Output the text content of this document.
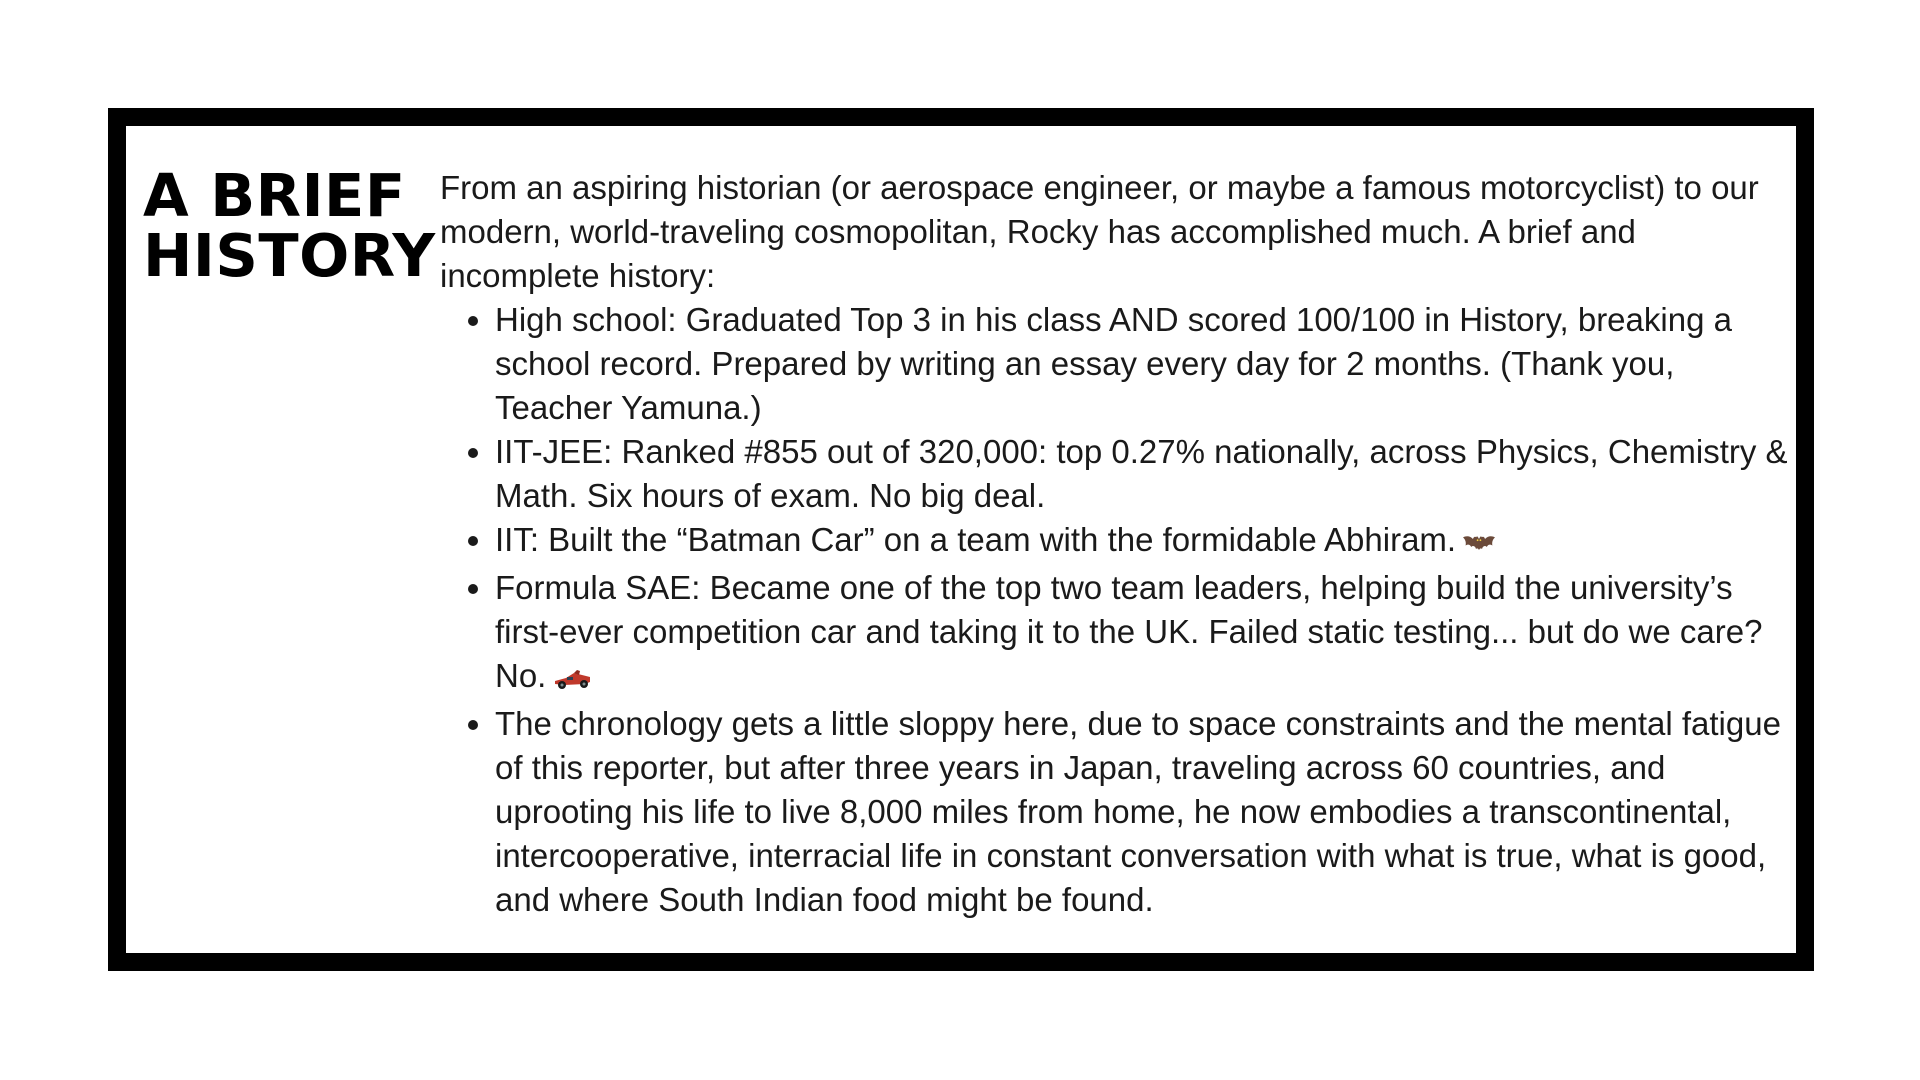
A BRIEF
HISTORY

From an aspiring historian (or aerospace engineer, or maybe a famous motorcyclist) to our modern, world-traveling cosmopolitan, Rocky has accomplished much. A brief and incomplete history:

• High school: Graduated Top 3 in his class AND scored 100/100 in History, breaking a school record. Prepared by writing an essay every day for 2 months. (Thank you, Teacher Yamuna.)
• IIT-JEE: Ranked #855 out of 320,000: top 0.27% nationally, across Physics, Chemistry & Math. Six hours of exam. No big deal.
• IIT: Built the “Batman Car” on a team with the formidable Abhiram.
• Formula SAE: Became one of the top two team leaders, helping build the university’s first-ever competition car and taking it to the UK. Failed static testing... but do we care? No.
• The chronology gets a little sloppy here, due to space constraints and the mental fatigue of this reporter, but after three years in Japan, traveling across 60 countries, and uprooting his life to live 8,000 miles from home, he now embodies a transcontinental, intercooperative, interracial life in constant conversation with what is true, what is good, and where South Indian food might be found.
